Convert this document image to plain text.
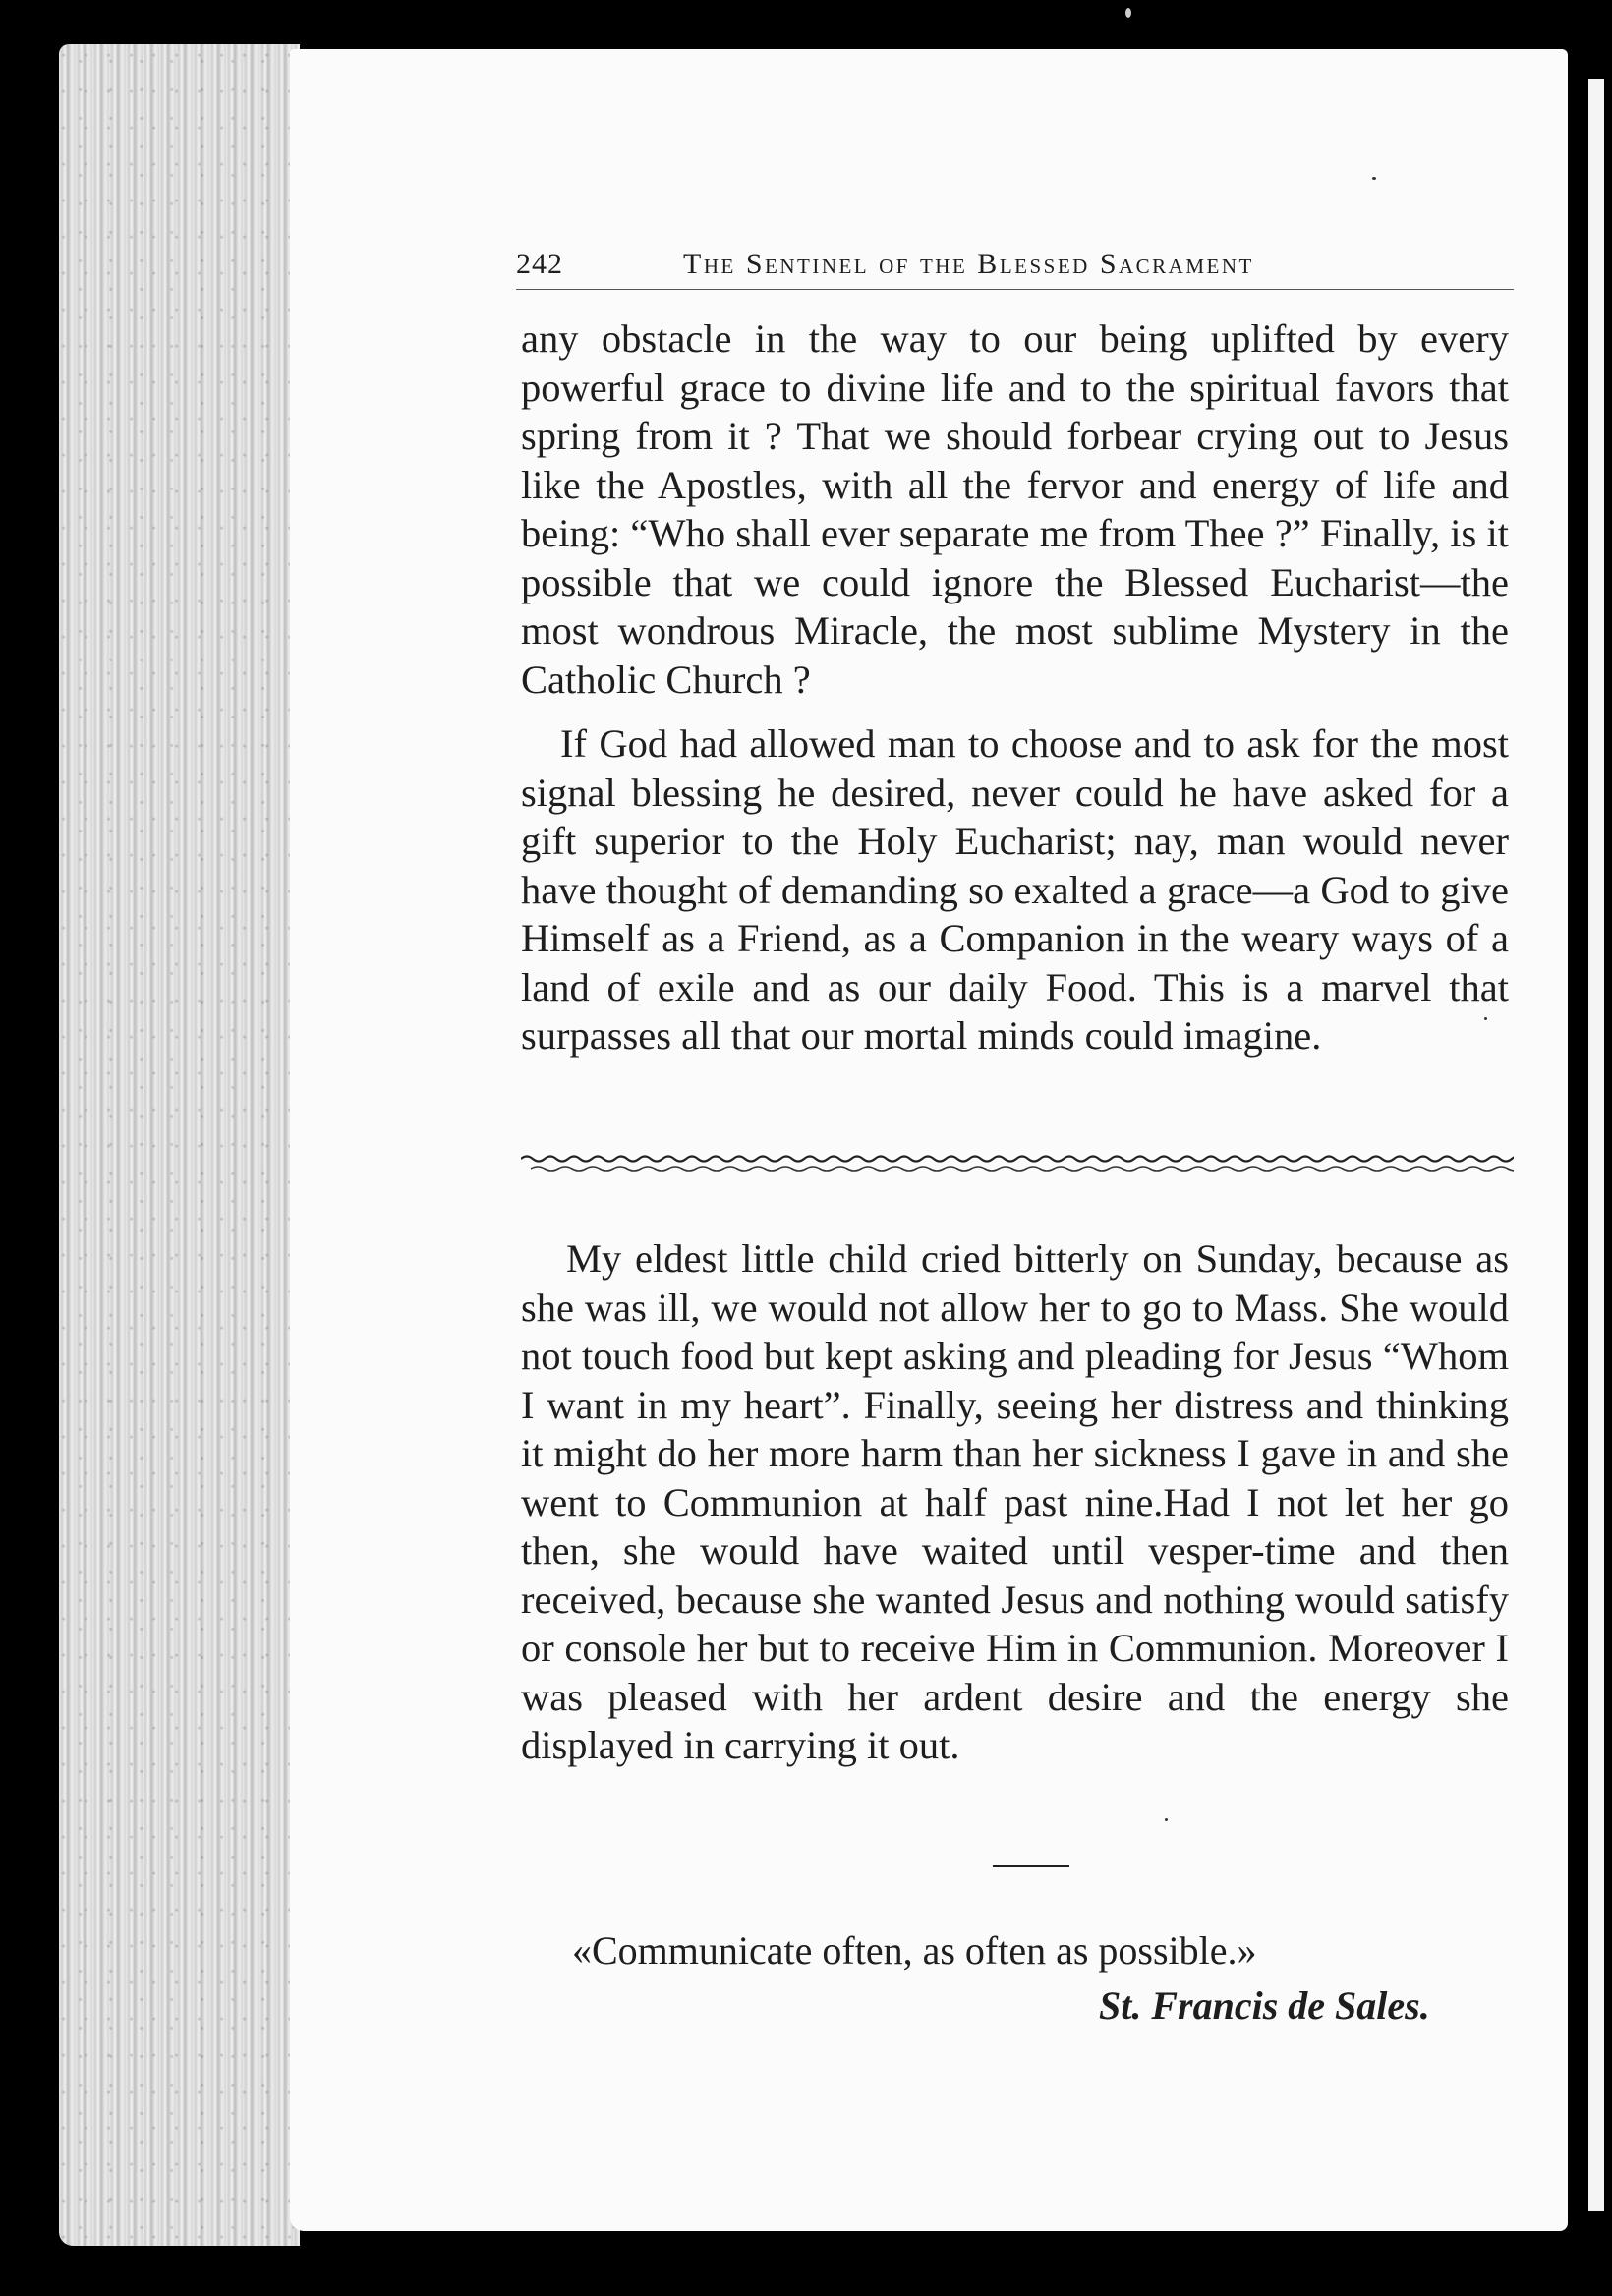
242	The Sentinel of the Blessed Sacrament

any obstacle in the way to our being uplifted by every powerful grace to divine life and to the spiritual favors that spring from it ? That we should forbear crying out to Jesus like the Apostles, with all the fervor and energy of life and being: “Who shall ever separate me from Thee ?” Finally, is it possible that we could ignore the Blessed Eucharist—the most wondrous Miracle, the most sublime Mystery in the Catholic Church ?

If God had allowed man to choose and to ask for the most signal blessing he desired, never could he have asked for a gift superior to the Holy Eucharist; nay, man would never have thought of demanding so exalted a grace—a God to give Himself as a Friend, as a Companion in the weary ways of a land of exile and as our daily Food. This is a marvel that surpasses all that our mortal minds could imagine.

My eldest little child cried bitterly on Sunday, because as she was ill, we would not allow her to go to Mass. She would not touch food but kept asking and pleading for Jesus “Whom I want in my heart”. Finally, seeing her distress and thinking it might do her more harm than her sickness I gave in and she went to Communion at half past nine.Had I not let her go then, she would have waited until vesper-time and then received, because she wanted Jesus and nothing would satisfy or console her but to receive Him in Communion. Moreover I was pleased with her ardent desire and the energy she displayed in carrying it out.

«Communicate often, as often as possible.»

St. Francis de Sales.
